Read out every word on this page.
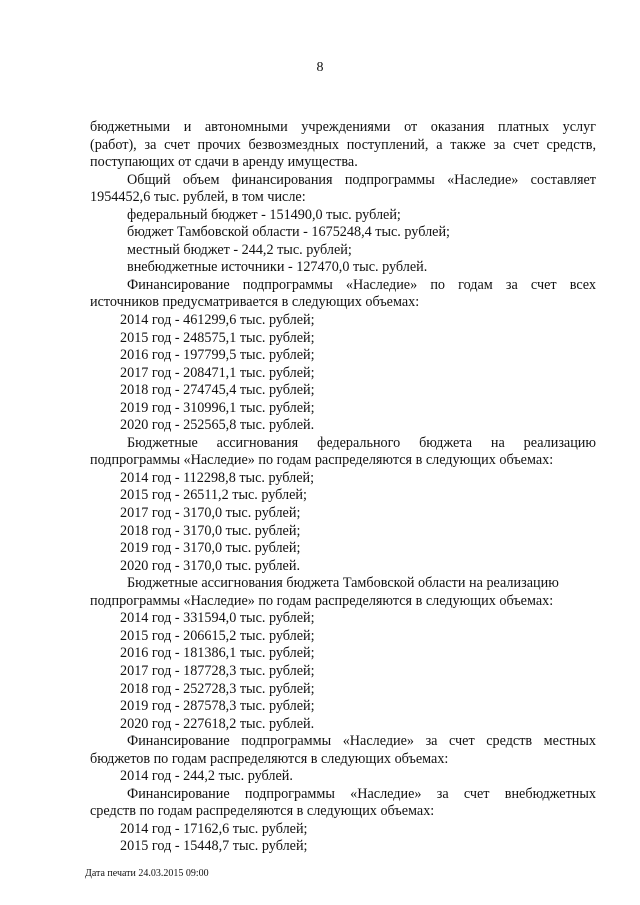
8
бюджетными и автономными учреждениями от оказания платных услуг
(работ), за счет прочих безвозмездных поступлений, а также за счет средств,
поступающих от сдачи в аренду имущества.
Общий объем финансирования подпрограммы «Наследие» составляет
1954452,6 тыс. рублей, в том числе:
федеральный бюджет - 151490,0 тыс. рублей;
бюджет Тамбовской области - 1675248,4 тыс. рублей;
местный бюджет - 244,2 тыс. рублей;
внебюджетные источники - 127470,0 тыс. рублей.
Финансирование подпрограммы «Наследие» по годам за счет всех
источников предусматривается в следующих объемах:
2014 год - 461299,6 тыс. рублей;
2015 год - 248575,1 тыс. рублей;
2016 год - 197799,5 тыс. рублей;
2017 год - 208471,1 тыс. рублей;
2018 год - 274745,4 тыс. рублей;
2019 год - 310996,1 тыс. рублей;
2020 год - 252565,8 тыс. рублей.
Бюджетные ассигнования федерального бюджета на реализацию
подпрограммы «Наследие» по годам распределяются в следующих объемах:
2014 год - 112298,8 тыс. рублей;
2015 год - 26511,2 тыс. рублей;
2017 год - 3170,0 тыс. рублей;
2018 год - 3170,0 тыс. рублей;
2019 год - 3170,0 тыс. рублей;
2020 год - 3170,0 тыс. рублей.
Бюджетные ассигнования бюджета Тамбовской области на реализацию
подпрограммы «Наследие» по годам распределяются в следующих объемах:
2014 год - 331594,0 тыс. рублей;
2015 год - 206615,2 тыс. рублей;
2016 год - 181386,1 тыс. рублей;
2017 год - 187728,3 тыс. рублей;
2018 год - 252728,3 тыс. рублей;
2019 год - 287578,3 тыс. рублей;
2020 год - 227618,2 тыс. рублей.
Финансирование подпрограммы «Наследие» за счет средств местных
бюджетов по годам распределяются в следующих объемах:
2014 год - 244,2 тыс. рублей.
Финансирование подпрограммы «Наследие» за счет внебюджетных
средств по годам распределяются в следующих объемах:
2014 год - 17162,6 тыс. рублей;
2015 год - 15448,7 тыс. рублей;
Дата печати 24.03.2015 09:00
